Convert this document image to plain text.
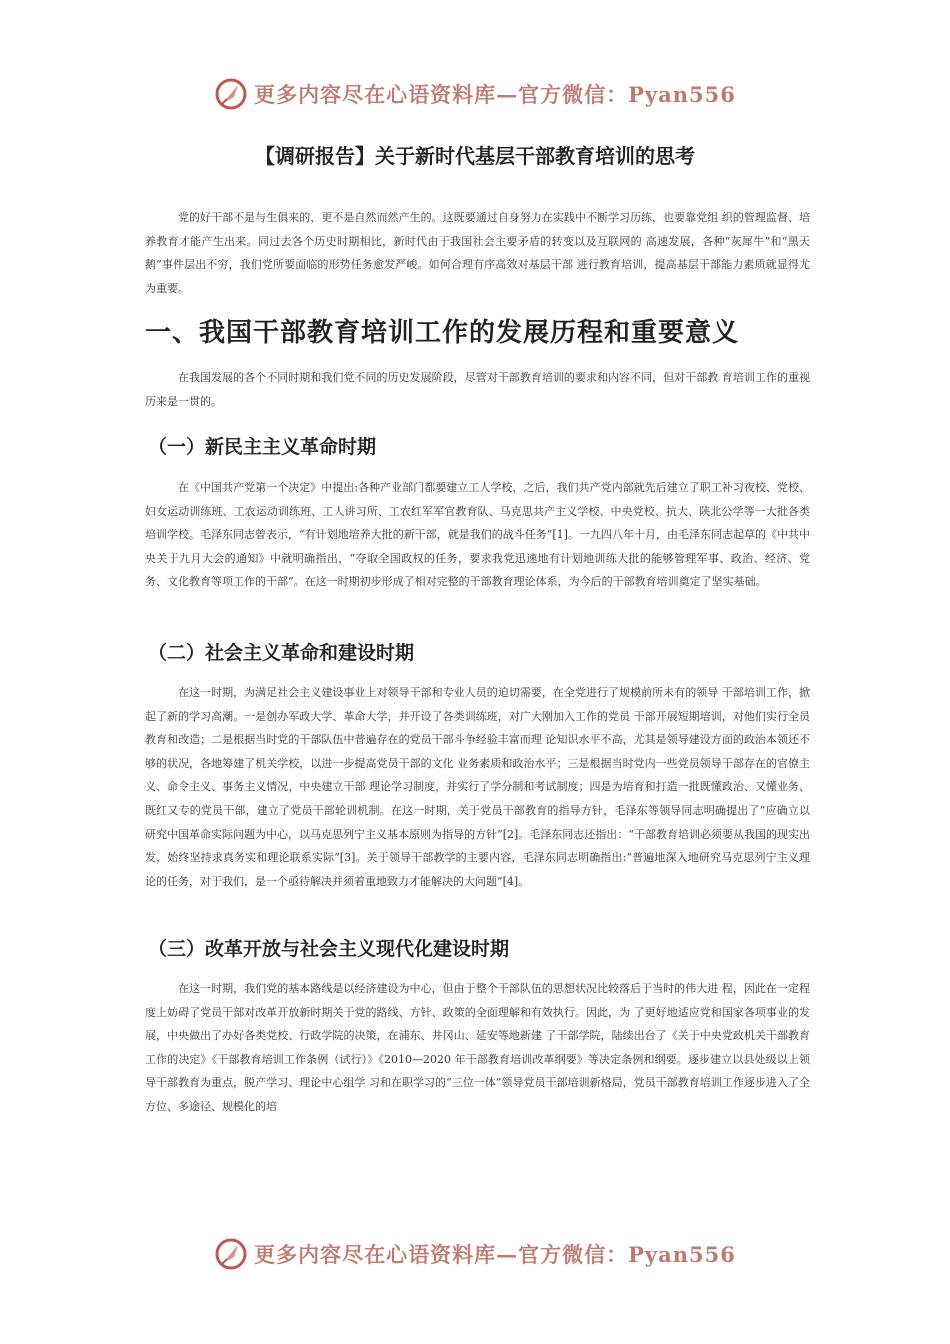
更多内容尽在心语资料库—官方微信：Pyan556
【调研报告】关于新时代基层干部教育培训的思考

党的好干部不是与生俱来的，更不是自然而然产生的。这既要通过自身努力在实践中不断学习历练，也要靠党组 织的管理监督、培养教育才能产生出来。同过去各个历史时期相比，新时代由于我国社会主要矛盾的转变以及互联网的 高速发展，各种“灰犀牛”和“黑天鹅”事件层出不穷，我们党所要面临的形势任务愈发严峻。如何合理有序高效对基层干部 进行教育培训，提高基层干部能力素质就显得尤为重要。

一、我国干部教育培训工作的发展历程和重要意义

在我国发展的各个不同时期和我们党不同的历史发展阶段，尽管对干部教育培训的要求和内容不同，但对干部教 育培训工作的重视历来是一贯的。

（一）新民主主义革命时期

在《中国共产党第一个决定》中提出:各种产业部门都要建立工人学校，之后，我们共产党内部就先后建立了职工补习夜校、党校、妇女运动训练班、工农运动训练班、工人讲习所、工农红军军官教育队、马克思共产主义学校、中央党校、抗大、陕北公学等一大批各类培训学校。毛泽东同志曾表示，“有计划地培养大批的新干部，就是我们的战斗任务”[1]。一九四八年十月，由毛泽东同志起草的《中共中央关于九月大会的通知》中就明确指出，“夺取全国政权的任务，要求我党迅速地有计划地训练大批的能够管理军事、政治、经济、党务、文化教育等项工作的干部”。在这一时期初步形成了相对完整的干部教育理论体系，为今后的干部教育培训奠定了坚实基础。

（二）社会主义革命和建设时期

在这一时期，为满足社会主义建设事业上对领导干部和专业人员的迫切需要，在全党进行了规模前所未有的领导 干部培训工作，掀起了新的学习高潮。一是创办军政大学、革命大学，并开设了各类训练班，对广大刚加入工作的党员 干部开展短期培训，对他们实行全员教育和改造；二是根据当时党的干部队伍中普遍存在的党员干部斗争经验丰富而理 论知识水平不高，尤其是领导建设方面的政治本领还不够的状况，各地筹建了机关学校，以进一步提高党员干部的文化 业务素质和政治水平；三是根据当时党内一些党员领导干部存在的官僚主义、命令主义、事务主义情况，中央建立干部 理论学习制度，并实行了学分制和考试制度；四是为培育和打造一批既懂政治、又懂业务、既红又专的党员干部，建立了党员干部轮训机制。在这一时期，关于党员干部教育的指导方针，毛泽东等领导同志明确提出了“应确立以研究中国革命实际问题为中心，以马克思列宁主义基本原则为指导的方针”[2]。毛泽东同志还指出：“干部教育培训必须要从我国的现实出发，始终坚持求真务实和理论联系实际”[3]。关于领导干部教学的主要内容，毛泽东同志明确指出:“普遍地深入地研究马克思列宁主义理论的任务，对于我们，是一个亟待解决并须着重地致力才能解决的大问题”[4]。

（三）改革开放与社会主义现代化建设时期

在这一时期，我们党的基本路线是以经济建设为中心，但由于整个干部队伍的思想状况比较落后于当时的伟大进 程，因此在一定程度上妨碍了党员干部对改革开放新时期关于党的路线、方针、政策的全面理解和有效执行。因此，为 了更好地适应党和国家各项事业的发展，中央做出了办好各类党校、行政学院的决策，在浦东、井冈山、延安等地新建 了干部学院，陆续出台了《关于中央党政机关干部教育工作的决定》《干部教育培训工作条例（试行）》《2010—2020 年干部教育培训改革纲要》等决定条例和纲要。逐步建立以县处级以上领导干部教育为重点，脱产学习、理论中心组学 习和在职学习的“三位一体”领导党员干部培训新格局，党员干部教育培训工作逐步进入了全方位、多途径、规模化的培

更多内容尽在心语资料库—官方微信：Pyan556
